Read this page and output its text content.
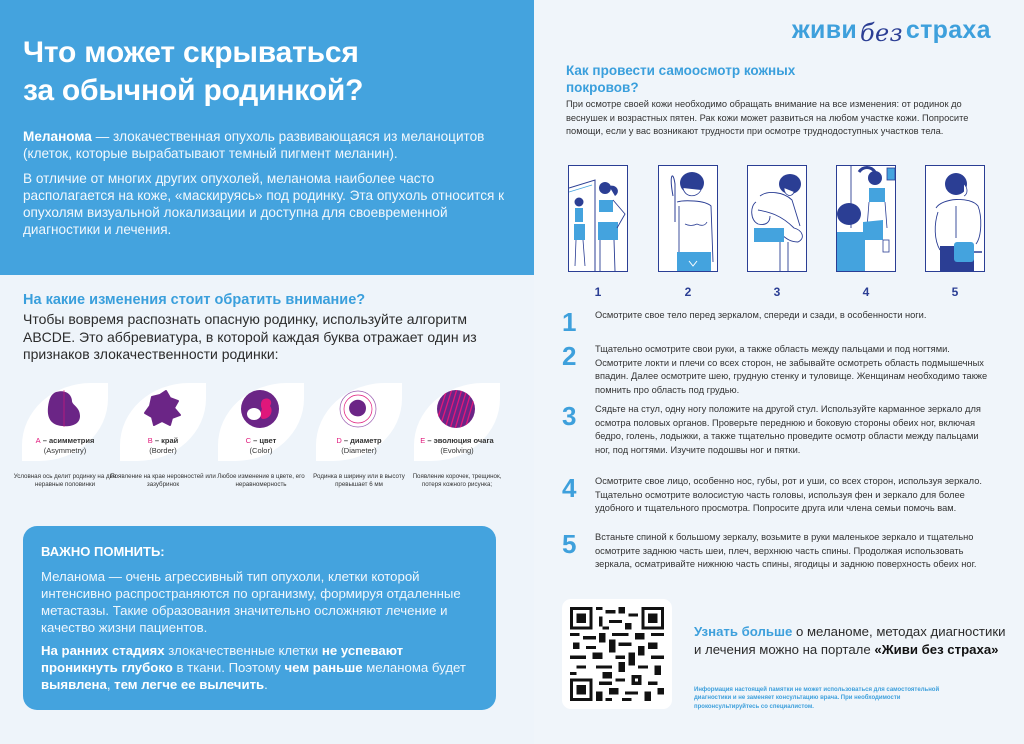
Что может скрываться
за обычной родинкой?

Меланома — злокачественная опухоль развивающаяся из меланоцитов (клеток, которые вырабатывают темный пигмент меланин).

В отличие от многих других опухолей, меланома наиболее часто располагается на коже, «маскируясь» под родинку. Эта опухоль относится к опухолям визуальной локализации и доступна для своевременной диагностики и лечения.

На какие изменения стоит обратить внимание?

Чтобы вовремя распознать опасную родинку, используйте алгоритм ABCDE. Это аббревиатура, в которой каждая буква отражает один из признаков злокачественности родинки:

A – асимметрия
(Asymmetry)
Условная ось делит родинку на две неравные половинки
B – край
(Border)
Появление на крае неровностей или зазубринок
C – цвет
(Color)
Любое изменение в цвете, его неравномерность
D – диаметр
(Diameter)
Родинка в ширину или в высоту превышает 6 мм
E – эволюция очага
(Evolving)
Появление корочек, трещинок, потеря кожного рисунка;
ВАЖНО ПОМНИТЬ:

Меланома — очень агрессивный тип опухоли, клетки которой интенсивно распространяются по организму, формируя отдаленные метастазы. Такие образования значительно осложняют лечение и качество жизни пациентов.

На ранних стадиях злокачественные клетки не успевают проникнуть глубоко в ткани. Поэтому чем раньше меланома будет выявлена, тем легче ее вылечить.

живи без страха
Как провести самоосмотр кожных покровов?

При осмотре своей кожи необходимо обращать внимание на все изменения: от родинок до веснушек и возрастных пятен. Рак кожи может развиться на любом участке кожи. Попросите помощи, если у вас возникают трудности при осмотре труднодоступных участков тела.

1	2	3	4	5
1 Осмотрите свое тело перед зеркалом, спереди и сзади, в особенности ноги.
2 Тщательно осмотрите свои руки, а также область между пальцами и под ногтями. Осмотрите локти и плечи со всех сторон, не забывайте осмотреть область подмышечных впадин. Далее осмотрите шею, грудную стенку и туловище. Женщинам необходимо также помнить про область под грудью.
3 Сядьте на стул, одну ногу положите на другой стул. Используйте карманное зеркало для осмотра половых органов. Проверьте переднюю и боковую стороны обеих ног, включая бедро, голень, лодыжки, а также тщательно проведите осмотр области между пальцами ног, под ногтями. Изучите подошвы ног и пятки.
4 Осмотрите свое лицо, особенно нос, губы, рот и уши, со всех сторон, используя зеркало. Тщательно осмотрите волосистую часть головы, используя фен и зеркало для более удобного и тщательного просмотра. Попросите друга или члена семьи помочь вам.
5 Встаньте спиной к большому зеркалу, возьмите в руки маленькое зеркало и тщательно осмотрите заднюю часть шеи, плеч, верхнюю часть спины. Продолжая использовать зеркала, осматривайте нижнюю часть спины, ягодицы и заднюю поверхность обеих ног.

Узнать больше о меланоме, методах диагностики и лечения можно на портале «Живи без страха»

Информация настоящей памятки не может использоваться для самостоятельной диагностики и не заменяет консультацию врача. При необходимости проконсультируйтесь со специалистом.
